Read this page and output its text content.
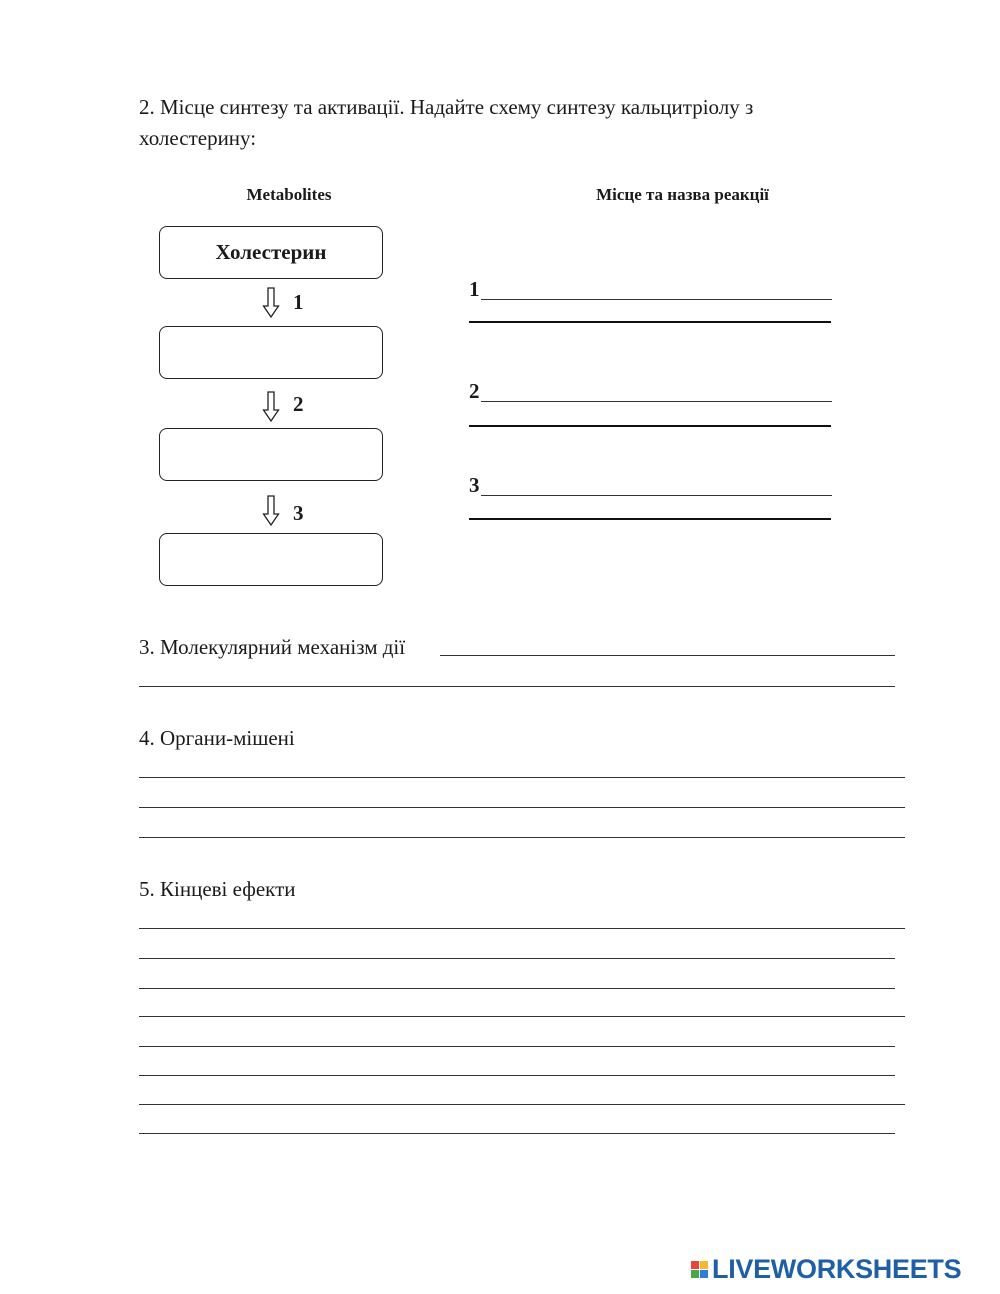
2. Місце синтезу та активації. Надайте схему синтезу кальцитріолу з
холестерину:
Metabolites	Місце та назва реакції
Холестерин
1
2
3
1
2
3
3. Молекулярний механізм дії
4. Органи-мішені
5. Кінцеві ефекти
LIVEWORKSHEETS
